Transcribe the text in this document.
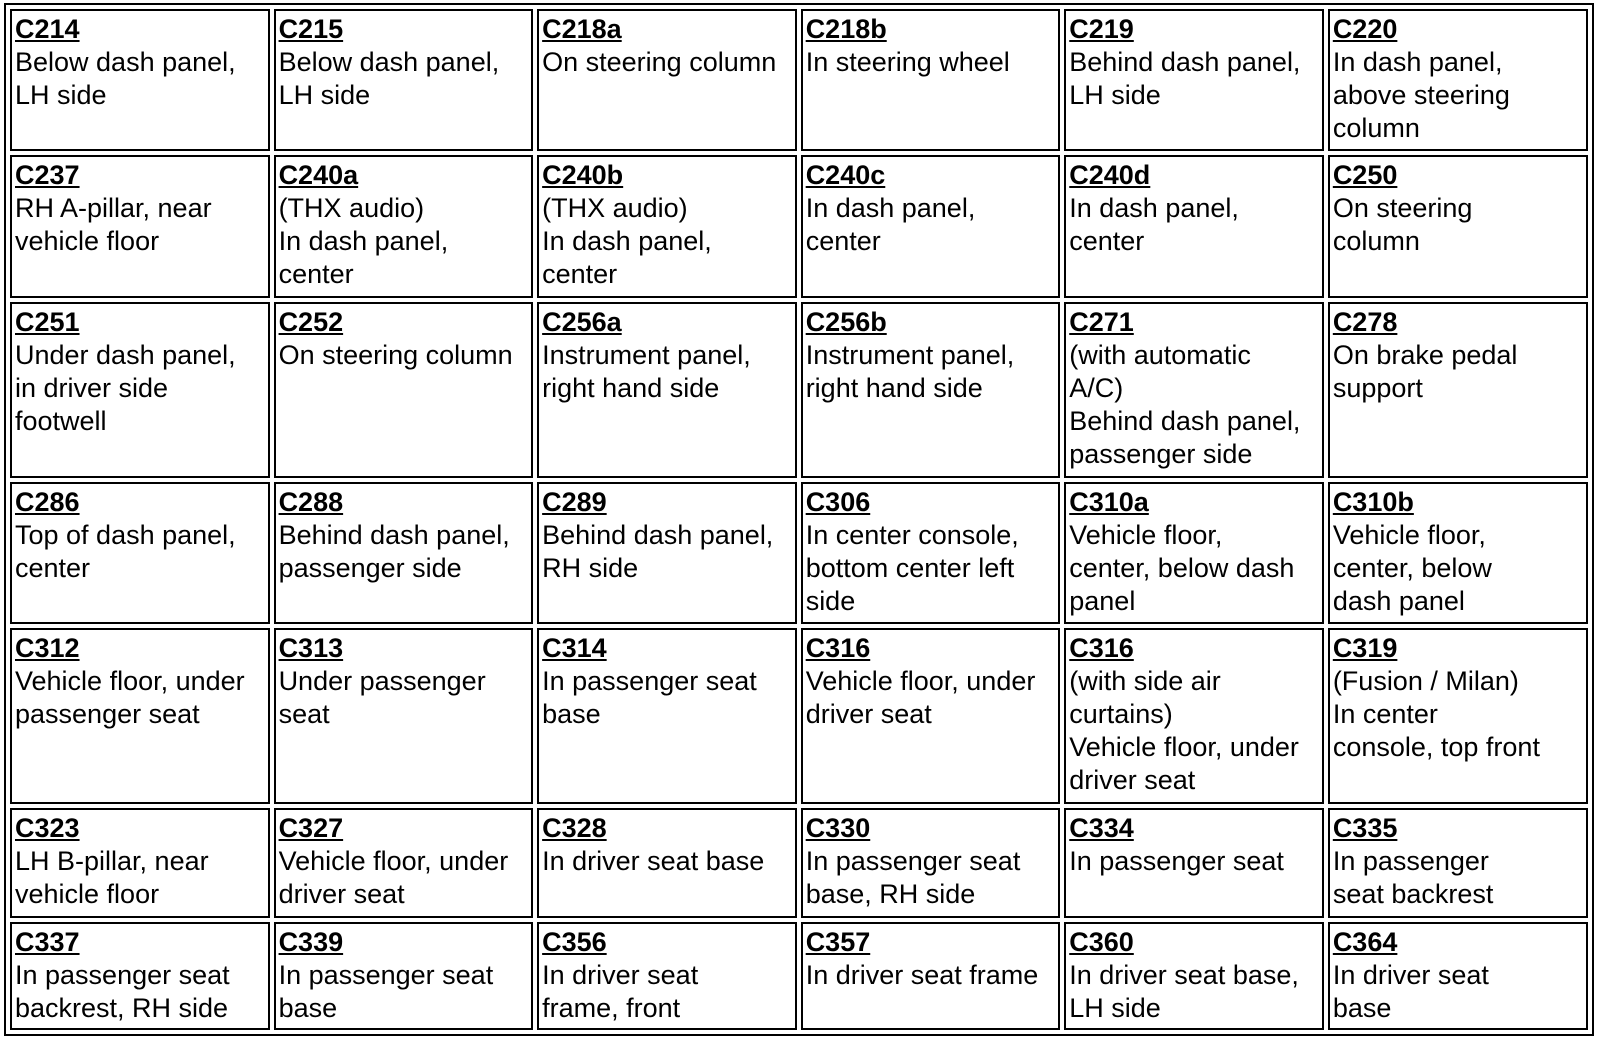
C214
Below dash panel,
LH side	C215
Below dash panel,
LH side	C218a
On steering column	C218b
In steering wheel	C219
Behind dash panel,
LH side	C220
In dash panel,
above steering
column

C237
RH A-pillar, near
vehicle floor	C240a
(THX audio)
In dash panel,
center	C240b
(THX audio)
In dash panel,
center	C240c
In dash panel,
center	C240d
In dash panel,
center	C250
On steering
column

C251
Under dash panel,
in driver side
footwell	C252
On steering column	C256a
Instrument panel,
right hand side	C256b
Instrument panel,
right hand side	C271
(with automatic
A/C)
Behind dash panel,
passenger side	C278
On brake pedal
support

C286
Top of dash panel,
center	C288
Behind dash panel,
passenger side	C289
Behind dash panel,
RH side	C306
In center console,
bottom center left
side	C310a
Vehicle floor,
center, below dash
panel	C310b
Vehicle floor,
center, below
dash panel

C312
Vehicle floor, under
passenger seat	C313
Under passenger
seat	C314
In passenger seat
base	C316
Vehicle floor, under
driver seat	C316
(with side air
curtains)
Vehicle floor, under
driver seat	C319
(Fusion / Milan)
In center
console, top front

C323
LH B-pillar, near
vehicle floor	C327
Vehicle floor, under
driver seat	C328
In driver seat base	C330
In passenger seat
base, RH side	C334
In passenger seat	C335
In passenger
seat backrest

C337
In passenger seat
backrest, RH side	C339
In passenger seat
base	C356
In driver seat
frame, front	C357
In driver seat frame	C360
In driver seat base,
LH side	C364
In driver seat
base
